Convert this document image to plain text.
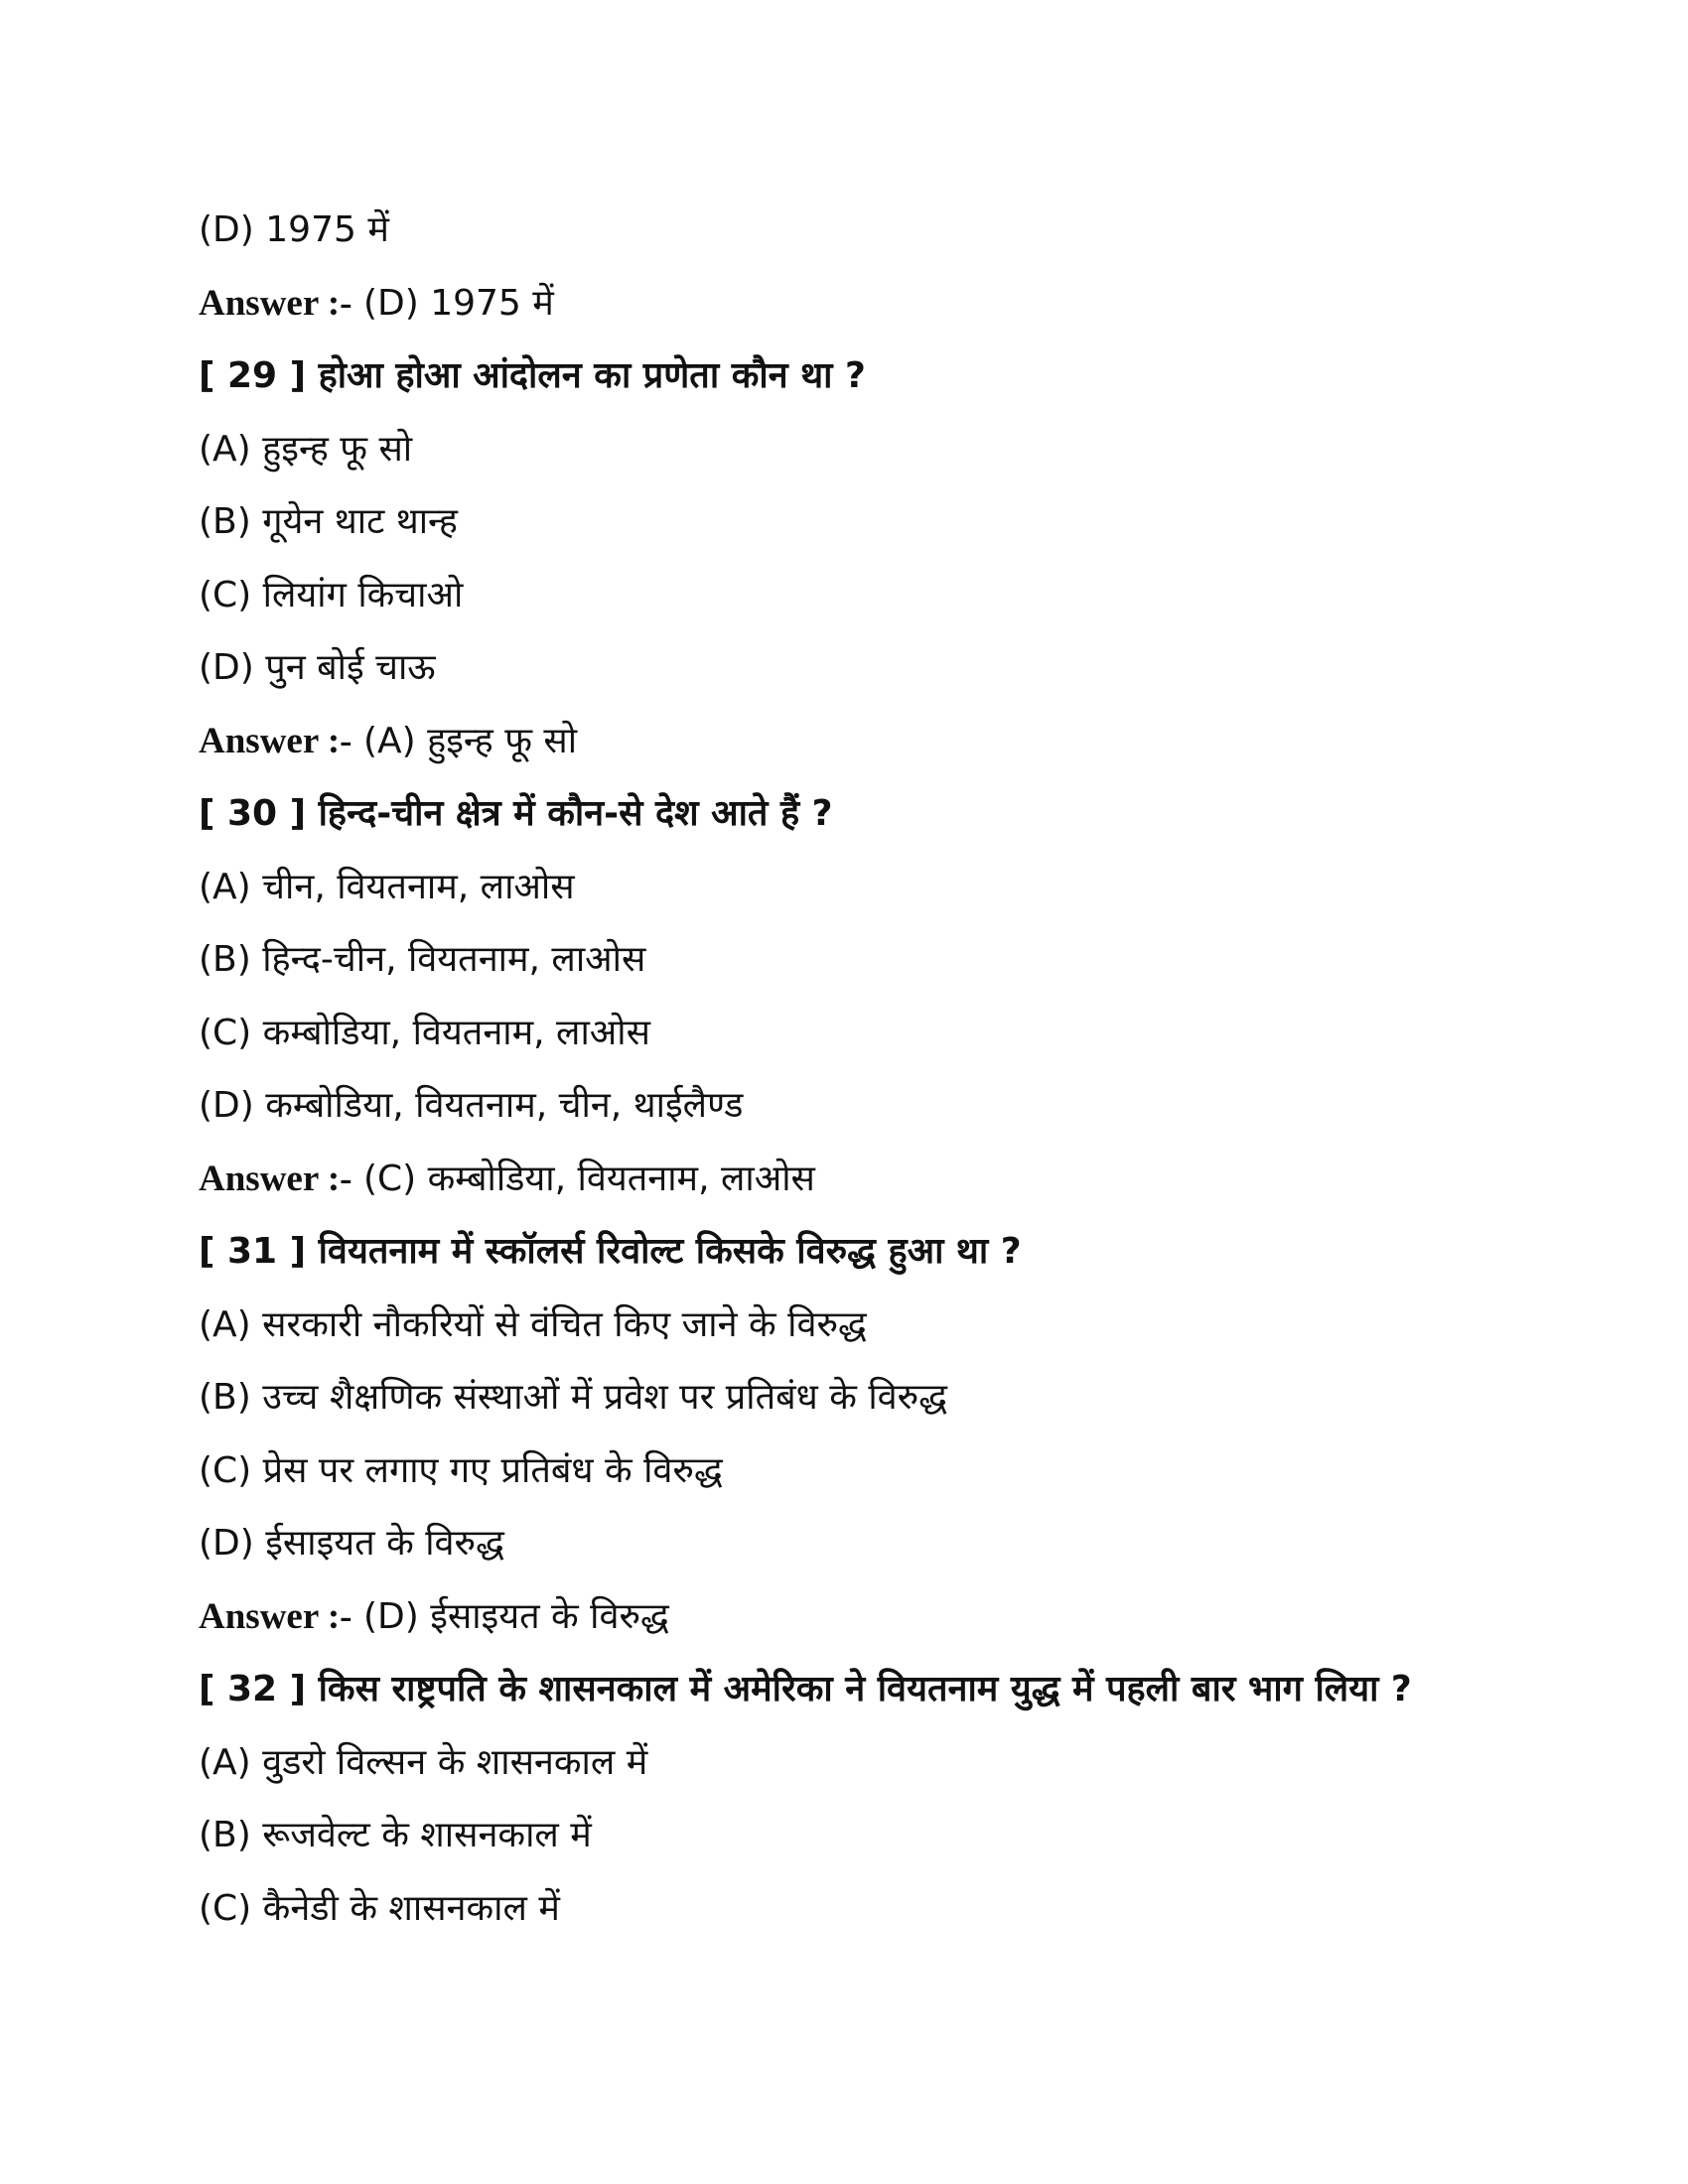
(D) 1975 में
Answer :- (D) 1975 में
[ 29 ] होआ होआ आंदोलन का प्रणेता कौन था ?
(A) हुइन्ह फू सो
(B) गूयेन थाट थान्ह
(C) लियांग किचाओ
(D) पुन बोई चाऊ
Answer :- (A) हुइन्ह फू सो
[ 30 ] हिन्द-चीन क्षेत्र में कौन-से देश आते हैं ?
(A) चीन, वियतनाम, लाओस
(B) हिन्द-चीन, वियतनाम, लाओस
(C) कम्बोडिया, वियतनाम, लाओस
(D) कम्बोडिया, वियतनाम, चीन, थाईलैण्ड
Answer :- (C) कम्बोडिया, वियतनाम, लाओस
[ 31 ] वियतनाम में स्कॉलर्स रिवोल्ट किसके विरुद्ध हुआ था ?
(A) सरकारी नौकरियों से वंचित किए जाने के विरुद्ध
(B) उच्च शैक्षणिक संस्थाओं में प्रवेश पर प्रतिबंध के विरुद्ध
(C) प्रेस पर लगाए गए प्रतिबंध के विरुद्ध
(D) ईसाइयत के विरुद्ध
Answer :- (D) ईसाइयत के विरुद्ध
[ 32 ] किस राष्ट्रपति के शासनकाल में अमेरिका ने वियतनाम युद्ध में पहली बार भाग लिया ?
(A) वुडरो विल्सन के शासनकाल में
(B) रूजवेल्ट के शासनकाल में
(C) कैनेडी के शासनकाल में
